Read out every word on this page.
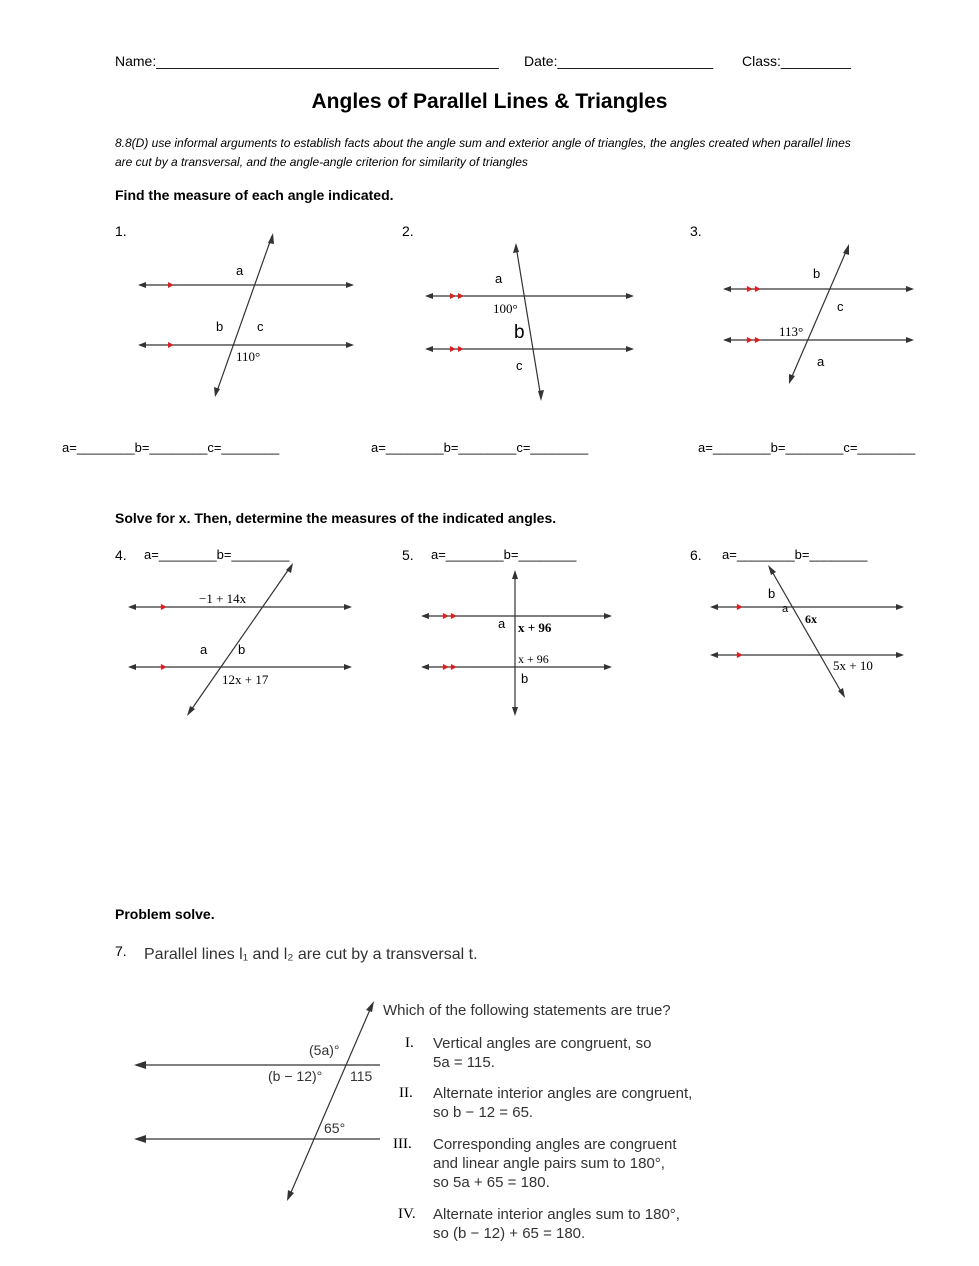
Name:____________________________________________ Date:____________________ Class:_________
Angles of Parallel Lines & Triangles
8.8(D) use informal arguments to establish facts about the angle sum and exterior angle of triangles, the angles created when parallel lines are cut by a transversal, and the angle-angle criterion for similarity of triangles
Find the measure of each angle indicated.
1.	2.	3.
a
b	c
110°
a
100°
b
c
b
c
113°
a
a=________b=________c=________	a=________b=________c=________	a=________b=________c=________
Solve for x. Then, determine the measures of the indicated angles.
4. a=________b=________	5. a=________b=________	6. a=________b=________
−1 + 14x
a b
12x + 17
a x + 96
x + 96
b
b
a
6x
5x + 10
Problem solve.
7. Parallel lines l₁ and l₂ are cut by a transversal t.
(5a)°
(b − 12)° 115
65°
Which of the following statements are true?
I. Vertical angles are congruent, so
5a = 115.
II. Alternate interior angles are congruent,
so b − 12 = 65.
III. Corresponding angles are congruent
and linear angle pairs sum to 180°,
so 5a + 65 = 180.
IV. Alternate interior angles sum to 180°,
so (b − 12) + 65 = 180.
